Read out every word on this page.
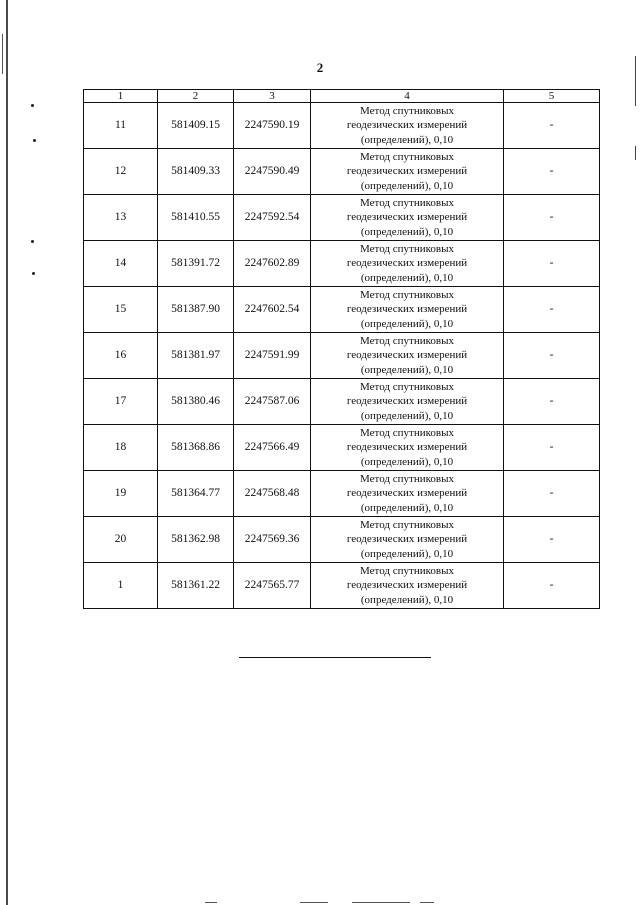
2
1	2	3	4	5
11	581409.15	2247590.19	Метод спутниковых
геодезических измерений
(определений), 0,10	-
12	581409.33	2247590.49	Метод спутниковых
геодезических измерений
(определений), 0,10	-
13	581410.55	2247592.54	Метод спутниковых
геодезических измерений
(определений), 0,10	-
14	581391.72	2247602.89	Метод спутниковых
геодезических измерений
(определений), 0,10	-
15	581387.90	2247602.54	Метод спутниковых
геодезических измерений
(определений), 0,10	-
16	581381.97	2247591.99	Метод спутниковых
геодезических измерений
(определений), 0,10	-
17	581380.46	2247587.06	Метод спутниковых
геодезических измерений
(определений), 0,10	-
18	581368.86	2247566.49	Метод спутниковых
геодезических измерений
(определений), 0,10	-
19	581364.77	2247568.48	Метод спутниковых
геодезических измерений
(определений), 0,10	-
20	581362.98	2247569.36	Метод спутниковых
геодезических измерений
(определений), 0,10	-
1	581361.22	2247565.77	Метод спутниковых
геодезических измерений
(определений), 0,10	-
